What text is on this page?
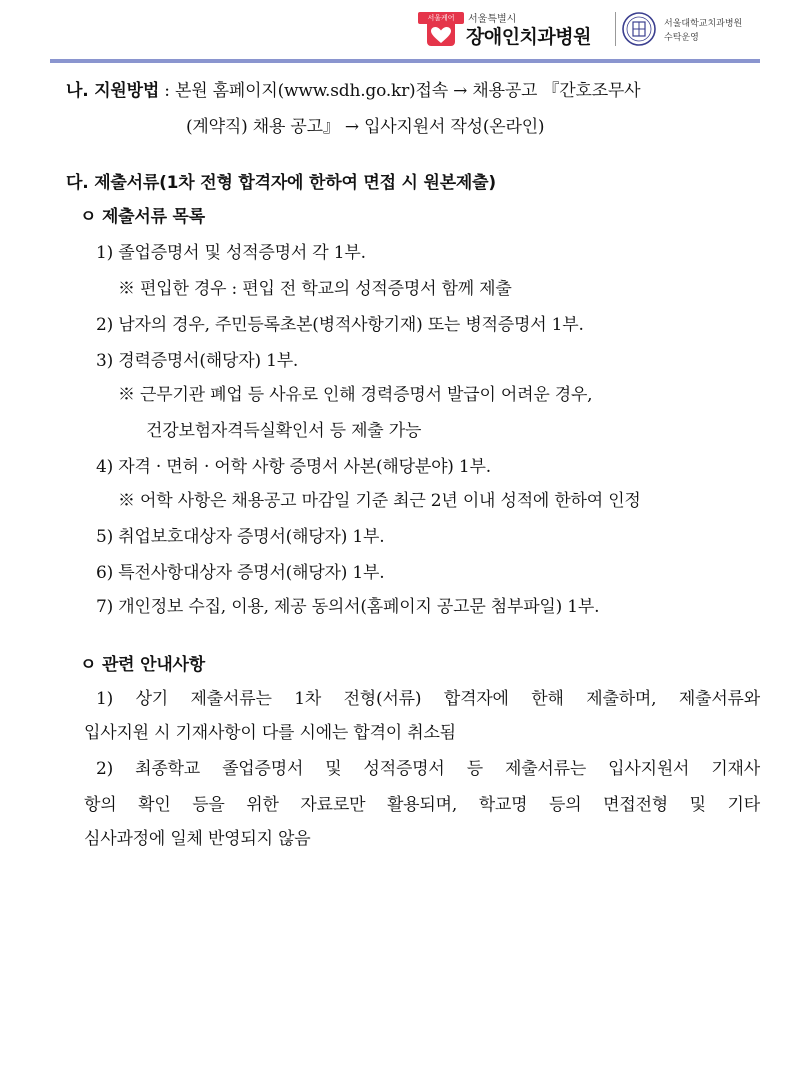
서울케어	서울특별시
장애인치과병원
서울대학교치과병원
수탁운영
나. 지원방법 : 본원 홈페이지(www.sdh.go.kr)접속 → 채용공고 『간호조무사
(계약직) 채용 공고』 → 입사지원서 작성(온라인)
다. 제출서류(1차 전형 합격자에 한하여 면접 시 원본제출)
ㅇ 제출서류 목록
1) 졸업증명서 및 성적증명서 각 1부.
※ 편입한 경우 : 편입 전 학교의 성적증명서 함께 제출
2) 남자의 경우, 주민등록초본(병적사항기재) 또는 병적증명서 1부.
3) 경력증명서(해당자) 1부.
※ 근무기관 폐업 등 사유로 인해 경력증명서 발급이 어려운 경우,
건강보험자격득실확인서 등 제출 가능
4) 자격 · 면허 · 어학 사항 증명서 사본(해당분야) 1부.
※ 어학 사항은 채용공고 마감일 기준 최근 2년 이내 성적에 한하여 인정
5) 취업보호대상자 증명서(해당자) 1부.
6) 특전사항대상자 증명서(해당자) 1부.
7) 개인정보 수집, 이용, 제공 동의서(홈페이지 공고문 첨부파일) 1부.
ㅇ 관련 안내사항
1) 상기 제출서류는 1차 전형(서류) 합격자에 한해 제출하며, 제출서류와
입사지원 시 기재사항이 다를 시에는 합격이 취소됨
2) 최종학교 졸업증명서 및 성적증명서 등 제출서류는 입사지원서 기재사
항의 확인 등을 위한 자료로만 활용되며, 학교명 등의 면접전형 및 기타
심사과정에 일체 반영되지 않음
